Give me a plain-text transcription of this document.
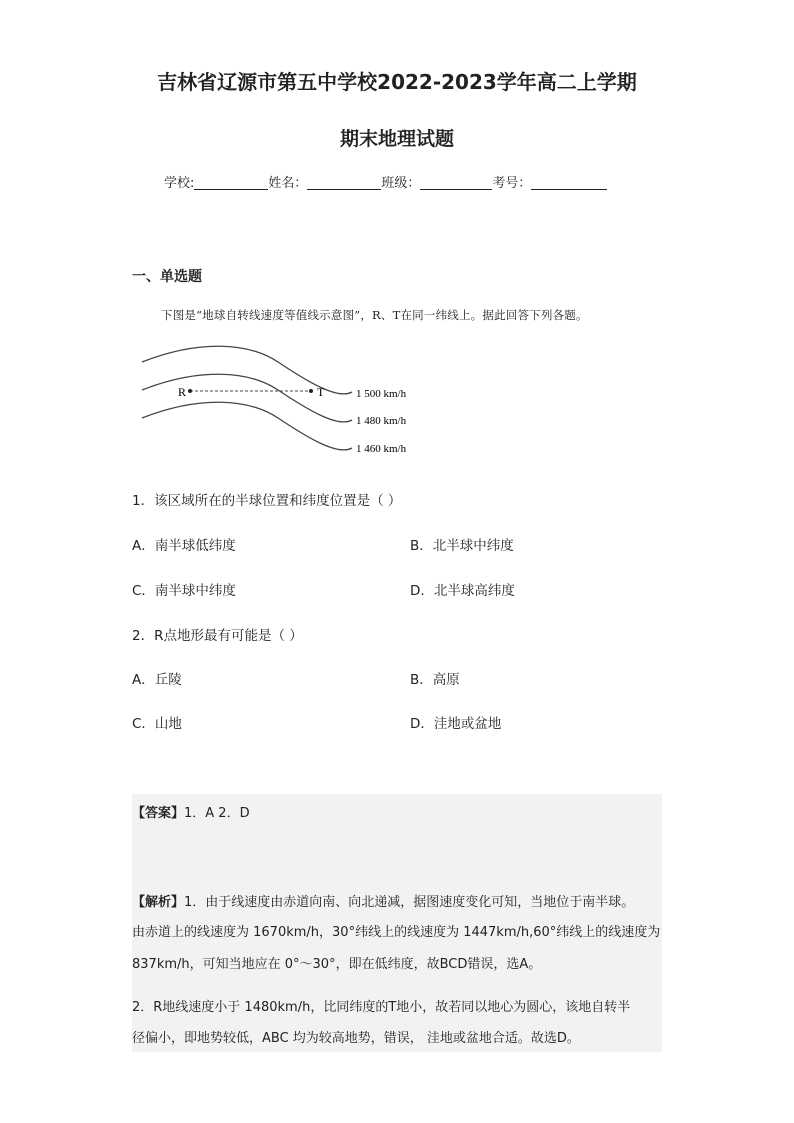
吉林省辽源市第五中学校2022-2023学年高二上学期
期末地理试题
学校:	姓名：	班级：	考号：
一、单选题
下图是“地球自转线速度等值线示意图”，R、T在同一纬线上。据此回答下列各题。
R	T	1 500 km/h
1 480 km/h
1 460 km/h
1．该区域所在的半球位置和纬度位置是（ ）
A．南半球低纬度	B．北半球中纬度
C．南半球中纬度	D．北半球高纬度
2．R点地形最有可能是（ ）
A．丘陵	B．高原
C．山地	D．洼地或盆地
【答案】1．A 2．D
【解析】1．由于线速度由赤道向南、向北递减，据图速度变化可知，当地位于南半球。
由赤道上的线速度为 1670km/h，30°纬线上的线速度为 1447km/h,60°纬线上的线速度为
837km/h，可知当地应在 0°～30°，即在低纬度，故BCD错误，选A。
2．R地线速度小于 1480km/h，比同纬度的T地小，故若同以地心为圆心，该地自转半
径偏小，即地势较低，ABC 均为较高地势，错误， 洼地或盆地合适。故选D。
